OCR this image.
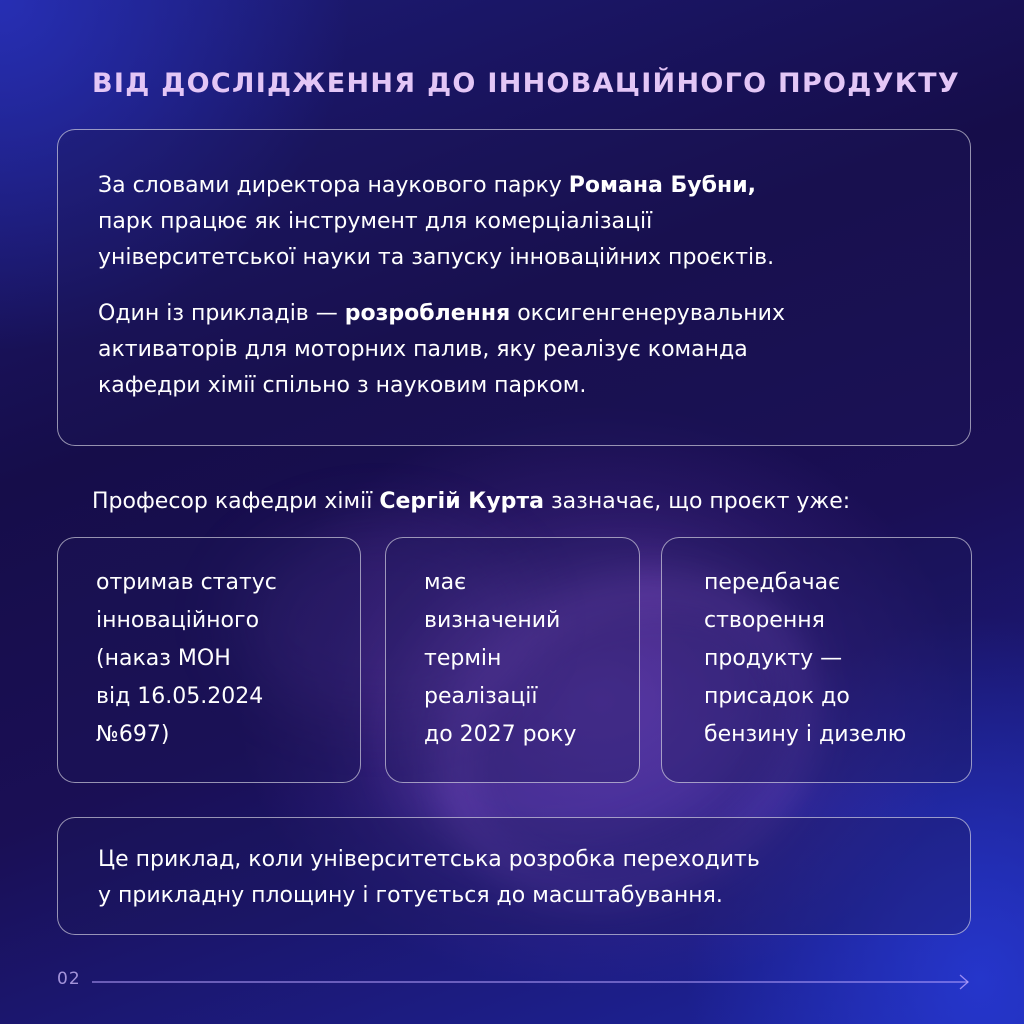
ВІД ДОСЛІДЖЕННЯ ДО ІННОВАЦІЙНОГО ПРОДУКТУ

За словами директора наукового парку Романа Бубни,
парк працює як інструмент для комерціалізації
університетської науки та запуску інноваційних проєктів.

Один із прикладів — розроблення оксигенгенерувальних
активаторів для моторних палив, яку реалізує команда
кафедри хімії спільно з науковим парком.

Професор кафедри хімії Сергій Курта зазначає, що проєкт уже:

отримав статус
інноваційного
(наказ МОН
від 16.05.2024
№697)

має
визначений
термін
реалізації
до 2027 року

передбачає
створення
продукту —
присадок до
бензину і дизелю

Це приклад, коли університетська розробка переходить
у прикладну площину і готується до масштабування.

02
